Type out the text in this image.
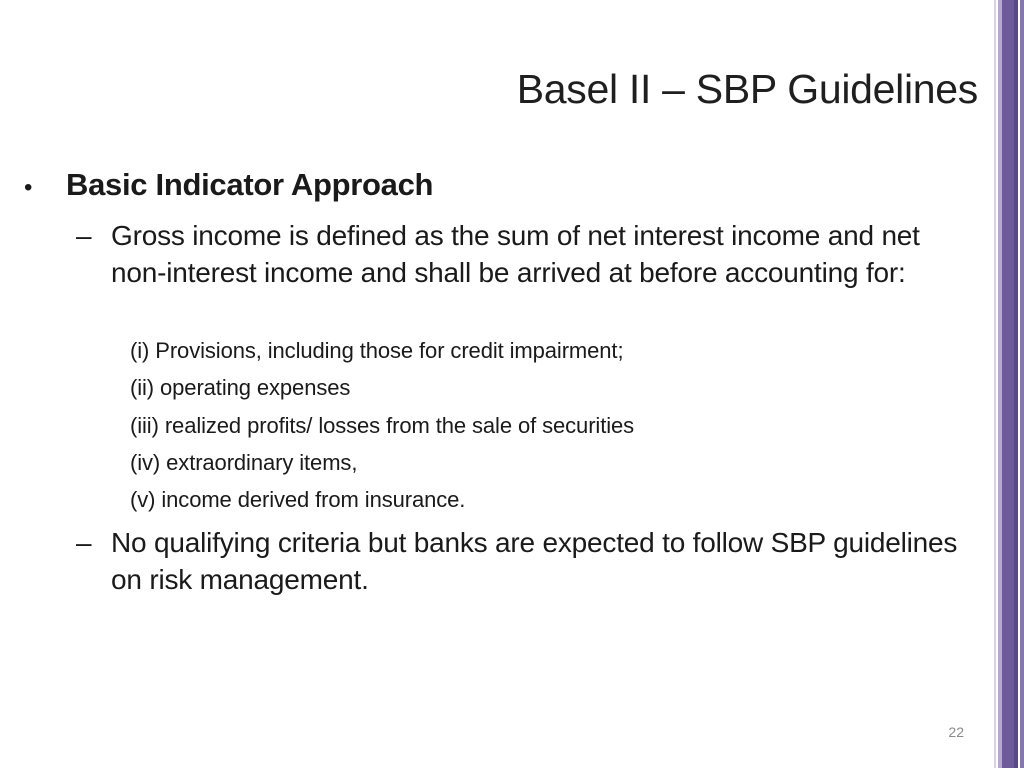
Basel II – SBP Guidelines
•	Basic Indicator Approach
– Gross income is defined as the sum of net interest income and net non-interest income and shall be arrived at before accounting for:
(i) Provisions, including those for credit impairment;
(ii) operating expenses
(iii) realized profits/ losses from the sale of securities
(iv) extraordinary items,
(v) income derived from insurance.
– No qualifying criteria but banks are expected to follow SBP guidelines on risk management.
22
